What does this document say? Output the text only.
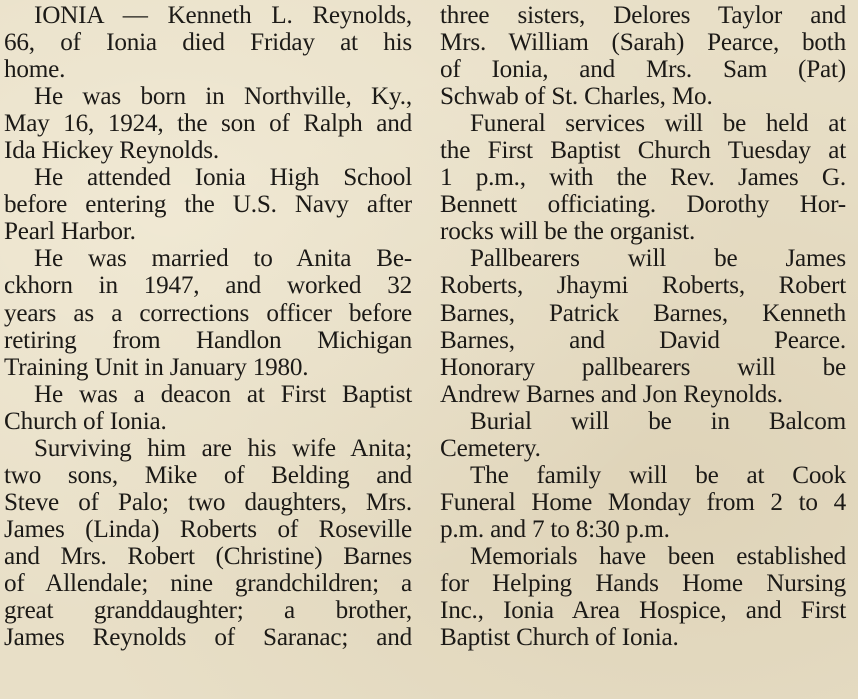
IONIA — Kenneth L. Reynolds,
66, of Ionia died Friday at his
home.
He was born in Northville, Ky.,
May 16, 1924, the son of Ralph and
Ida Hickey Reynolds.
He attended Ionia High School
before entering the U.S. Navy after
Pearl Harbor.
He was married to Anita Be-
ckhorn in 1947, and worked 32
years as a corrections officer before
retiring from Handlon Michigan
Training Unit in January 1980.
He was a deacon at First Baptist
Church of Ionia.
Surviving him are his wife Anita;
two sons, Mike of Belding and
Steve of Palo; two daughters, Mrs.
James (Linda) Roberts of Roseville
and Mrs. Robert (Christine) Barnes
of Allendale; nine grandchildren; a
great granddaughter; a brother,
James Reynolds of Saranac; and
three sisters, Delores Taylor and
Mrs. William (Sarah) Pearce, both
of Ionia, and Mrs. Sam (Pat)
Schwab of St. Charles, Mo.
Funeral services will be held at
the First Baptist Church Tuesday at
1 p.m., with the Rev. James G.
Bennett officiating. Dorothy Hor-
rocks will be the organist.
Pallbearers will be James
Roberts, Jhaymi Roberts, Robert
Barnes, Patrick Barnes, Kenneth
Barnes, and David Pearce.
Honorary pallbearers will be
Andrew Barnes and Jon Reynolds.
Burial will be in Balcom
Cemetery.
The family will be at Cook
Funeral Home Monday from 2 to 4
p.m. and 7 to 8:30 p.m.
Memorials have been established
for Helping Hands Home Nursing
Inc., Ionia Area Hospice, and First
Baptist Church of Ionia.
